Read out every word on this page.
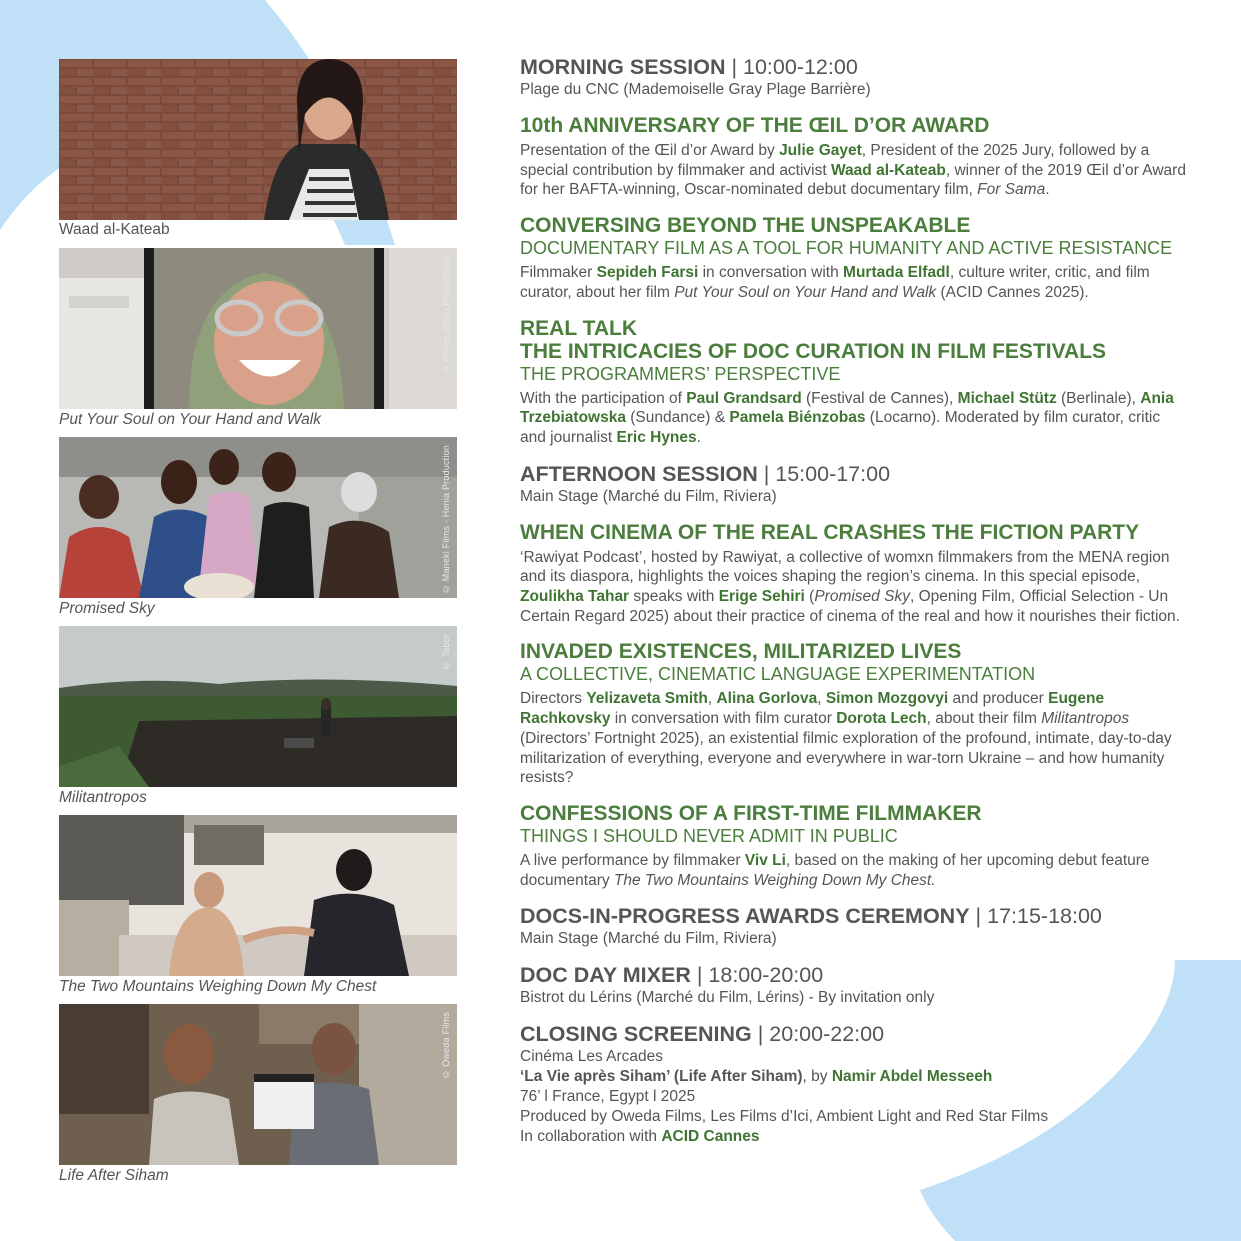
Waad al-Kateab
© Rêves d'Eau Productions
Put Your Soul on Your Hand and Walk
© Maneki Films - Henia Production
Promised Sky
© Tabor
Militantropos
The Two Mountains Weighing Down My Chest
© Oweda Films
Life After Siham
MORNING SESSION | 10:00-12:00
Plage du CNC (Mademoiselle Gray Plage Barrière)
10th ANNIVERSARY OF THE ŒIL D’OR AWARD
Presentation of the Œil d’or Award by Julie Gayet, President of the 2025 Jury, followed by a special contribution by filmmaker and activist Waad al-Kateab, winner of the 2019 Œil d’or Award for her BAFTA-winning, Oscar-nominated debut documentary film, For Sama.
CONVERSING BEYOND THE UNSPEAKABLE
DOCUMENTARY FILM AS A TOOL FOR HUMANITY AND ACTIVE RESISTANCE
Filmmaker Sepideh Farsi in conversation with Murtada Elfadl, culture writer, critic, and film curator, about her film Put Your Soul on Your Hand and Walk (ACID Cannes 2025).
REAL TALK
THE INTRICACIES OF DOC CURATION IN FILM FESTIVALS
THE PROGRAMMERS’ PERSPECTIVE
With the participation of Paul Grandsard (Festival de Cannes), Michael Stütz (Berlinale), Ania Trzebiatowska (Sundance) & Pamela Biénzobas (Locarno). Moderated by film curator, critic and journalist Eric Hynes.
AFTERNOON SESSION | 15:00-17:00
Main Stage (Marché du Film, Riviera)
WHEN CINEMA OF THE REAL CRASHES THE FICTION PARTY
‘Rawiyat Podcast’, hosted by Rawiyat, a collective of womxn filmmakers from the MENA region and its diaspora, highlights the voices shaping the region’s cinema. In this special episode, Zoulikha Tahar speaks with Erige Sehiri (Promised Sky, Opening Film, Official Selection - Un Certain Regard 2025) about their practice of cinema of the real and how it nourishes their fiction.
INVADED EXISTENCES, MILITARIZED LIVES
A COLLECTIVE, CINEMATIC LANGUAGE EXPERIMENTATION
Directors Yelizaveta Smith, Alina Gorlova, Simon Mozgovyi and producer Eugene Rachkovsky in conversation with film curator Dorota Lech, about their film Militantropos (Directors’ Fortnight 2025), an existential filmic exploration of the profound, intimate, day-to-day militarization of everything, everyone and everywhere in war-torn Ukraine – and how humanity resists?
CONFESSIONS OF A FIRST-TIME FILMMAKER
THINGS I SHOULD NEVER ADMIT IN PUBLIC
A live performance by filmmaker Viv Li, based on the making of her upcoming debut feature documentary The Two Mountains Weighing Down My Chest.
DOCS-IN-PROGRESS AWARDS CEREMONY | 17:15-18:00
Main Stage (Marché du Film, Riviera)
DOC DAY MIXER | 18:00-20:00
Bistrot du Lérins (Marché du Film, Lérins) - By invitation only
CLOSING SCREENING | 20:00-22:00
Cinéma Les Arcades
‘La Vie après Siham’ (Life After Siham), by Namir Abdel Messeeh
76’ l France, Egypt l 2025
Produced by Oweda Films, Les Films d’Ici, Ambient Light and Red Star Films
In collaboration with ACID Cannes
